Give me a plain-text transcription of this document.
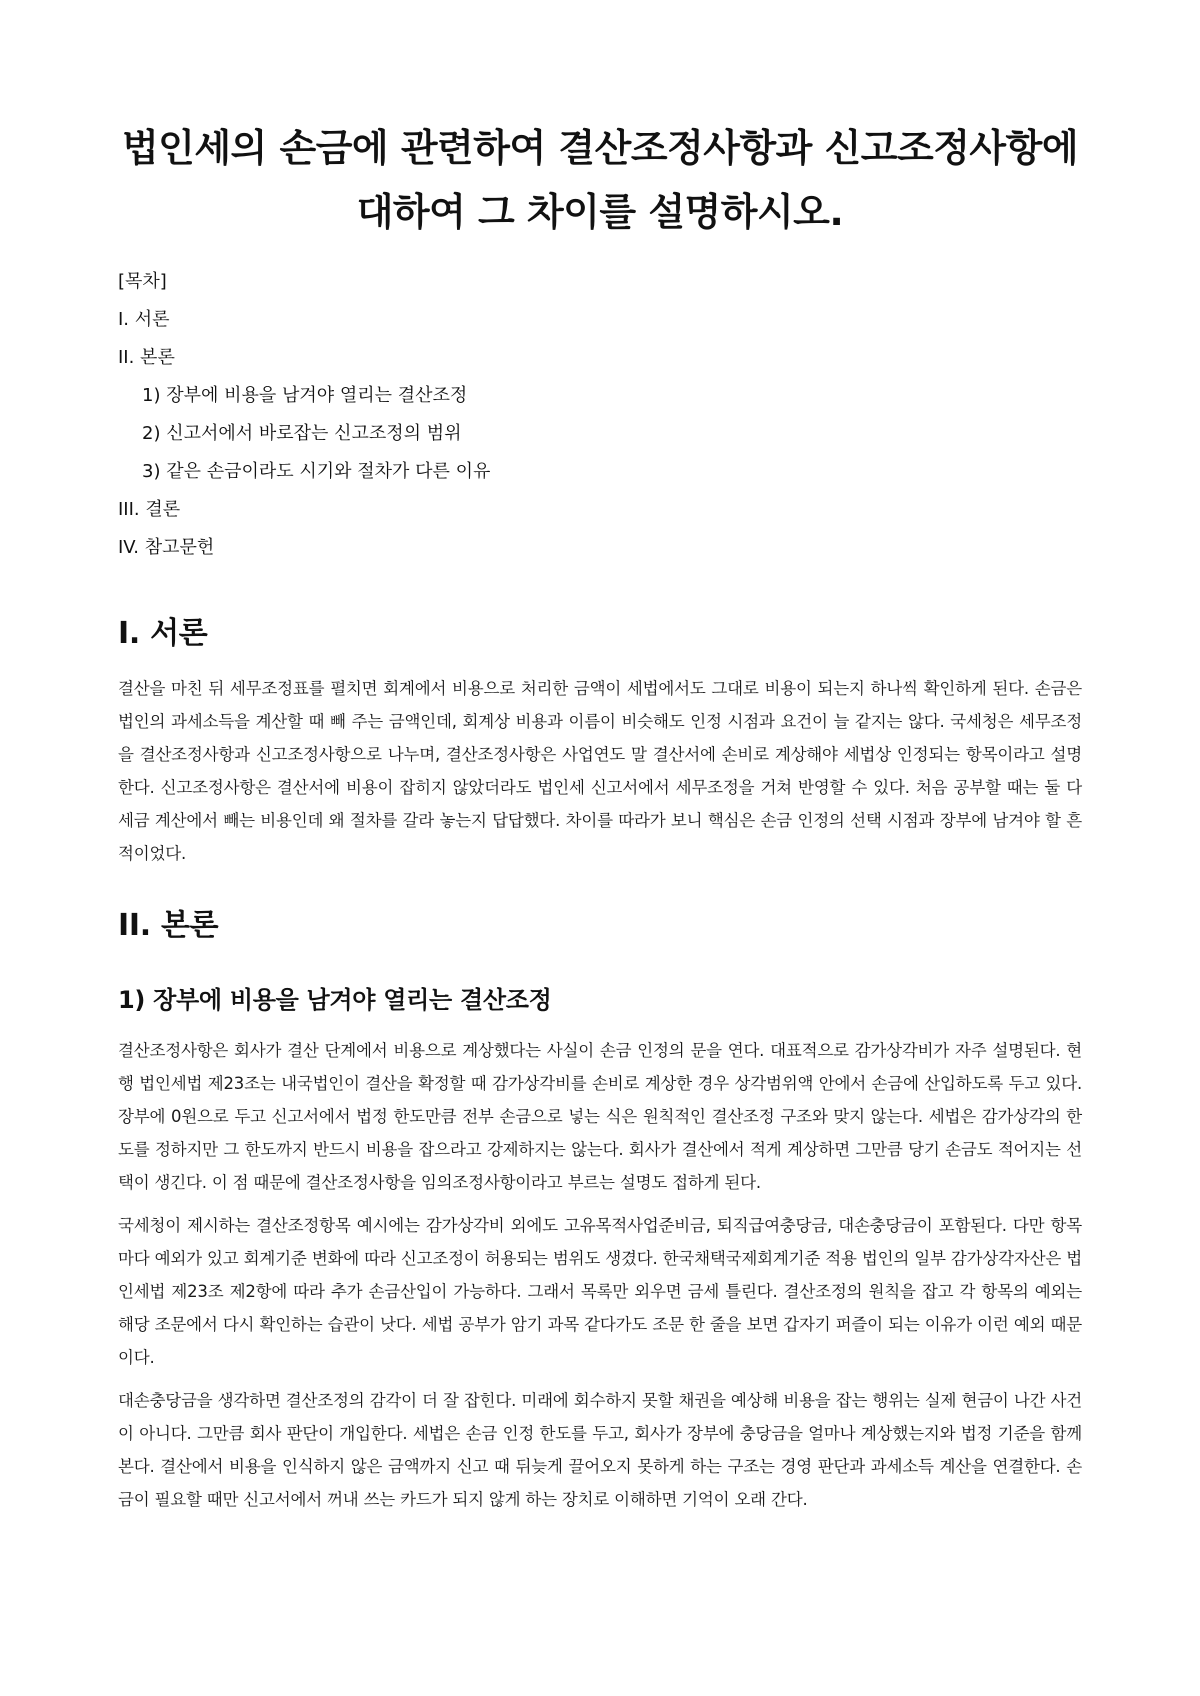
법인세의 손금에 관련하여 결산조정사항과 신고조정사항에 대하여 그 차이를 설명하시오.
[목차]
I. 서론
II. 본론
1) 장부에 비용을 남겨야 열리는 결산조정
2) 신고서에서 바로잡는 신고조정의 범위
3) 같은 손금이라도 시기와 절차가 다른 이유
III. 결론
IV. 참고문헌
I. 서론

결산을 마친 뒤 세무조정표를 펼치면 회계에서 비용으로 처리한 금액이 세법에서도 그대로 비용이 되는지 하나씩 확인하게 된다. 손금은 법인의 과세소득을 계산할 때 빼 주는 금액인데, 회계상 비용과 이름이 비슷해도 인정 시점과 요건이 늘 같지는 않다. 국세청은 세무조정을 결산조정사항과 신고조정사항으로 나누며, 결산조정사항은 사업연도 말 결산서에 손비로 계상해야 세법상 인정되는 항목이라고 설명한다. 신고조정사항은 결산서에 비용이 잡히지 않았더라도 법인세 신고서에서 세무조정을 거쳐 반영할 수 있다. 처음 공부할 때는 둘 다 세금 계산에서 빼는 비용인데 왜 절차를 갈라 놓는지 답답했다. 차이를 따라가 보니 핵심은 손금 인정의 선택 시점과 장부에 남겨야 할 흔적이었다.

II. 본론
1) 장부에 비용을 남겨야 열리는 결산조정

결산조정사항은 회사가 결산 단계에서 비용으로 계상했다는 사실이 손금 인정의 문을 연다. 대표적으로 감가상각비가 자주 설명된다. 현행 법인세법 제23조는 내국법인이 결산을 확정할 때 감가상각비를 손비로 계상한 경우 상각범위액 안에서 손금에 산입하도록 두고 있다. 장부에 0원으로 두고 신고서에서 법정 한도만큼 전부 손금으로 넣는 식은 원칙적인 결산조정 구조와 맞지 않는다. 세법은 감가상각의 한도를 정하지만 그 한도까지 반드시 비용을 잡으라고 강제하지는 않는다. 회사가 결산에서 적게 계상하면 그만큼 당기 손금도 적어지는 선택이 생긴다. 이 점 때문에 결산조정사항을 임의조정사항이라고 부르는 설명도 접하게 된다.

국세청이 제시하는 결산조정항목 예시에는 감가상각비 외에도 고유목적사업준비금, 퇴직급여충당금, 대손충당금이 포함된다. 다만 항목마다 예외가 있고 회계기준 변화에 따라 신고조정이 허용되는 범위도 생겼다. 한국채택국제회계기준 적용 법인의 일부 감가상각자산은 법인세법 제23조 제2항에 따라 추가 손금산입이 가능하다. 그래서 목록만 외우면 금세 틀린다. 결산조정의 원칙을 잡고 각 항목의 예외는 해당 조문에서 다시 확인하는 습관이 낫다. 세법 공부가 암기 과목 같다가도 조문 한 줄을 보면 갑자기 퍼즐이 되는 이유가 이런 예외 때문이다.

대손충당금을 생각하면 결산조정의 감각이 더 잘 잡힌다. 미래에 회수하지 못할 채권을 예상해 비용을 잡는 행위는 실제 현금이 나간 사건이 아니다. 그만큼 회사 판단이 개입한다. 세법은 손금 인정 한도를 두고, 회사가 장부에 충당금을 얼마나 계상했는지와 법정 기준을 함께 본다. 결산에서 비용을 인식하지 않은 금액까지 신고 때 뒤늦게 끌어오지 못하게 하는 구조는 경영 판단과 과세소득 계산을 연결한다. 손금이 필요할 때만 신고서에서 꺼내 쓰는 카드가 되지 않게 하는 장치로 이해하면 기억이 오래 간다.
